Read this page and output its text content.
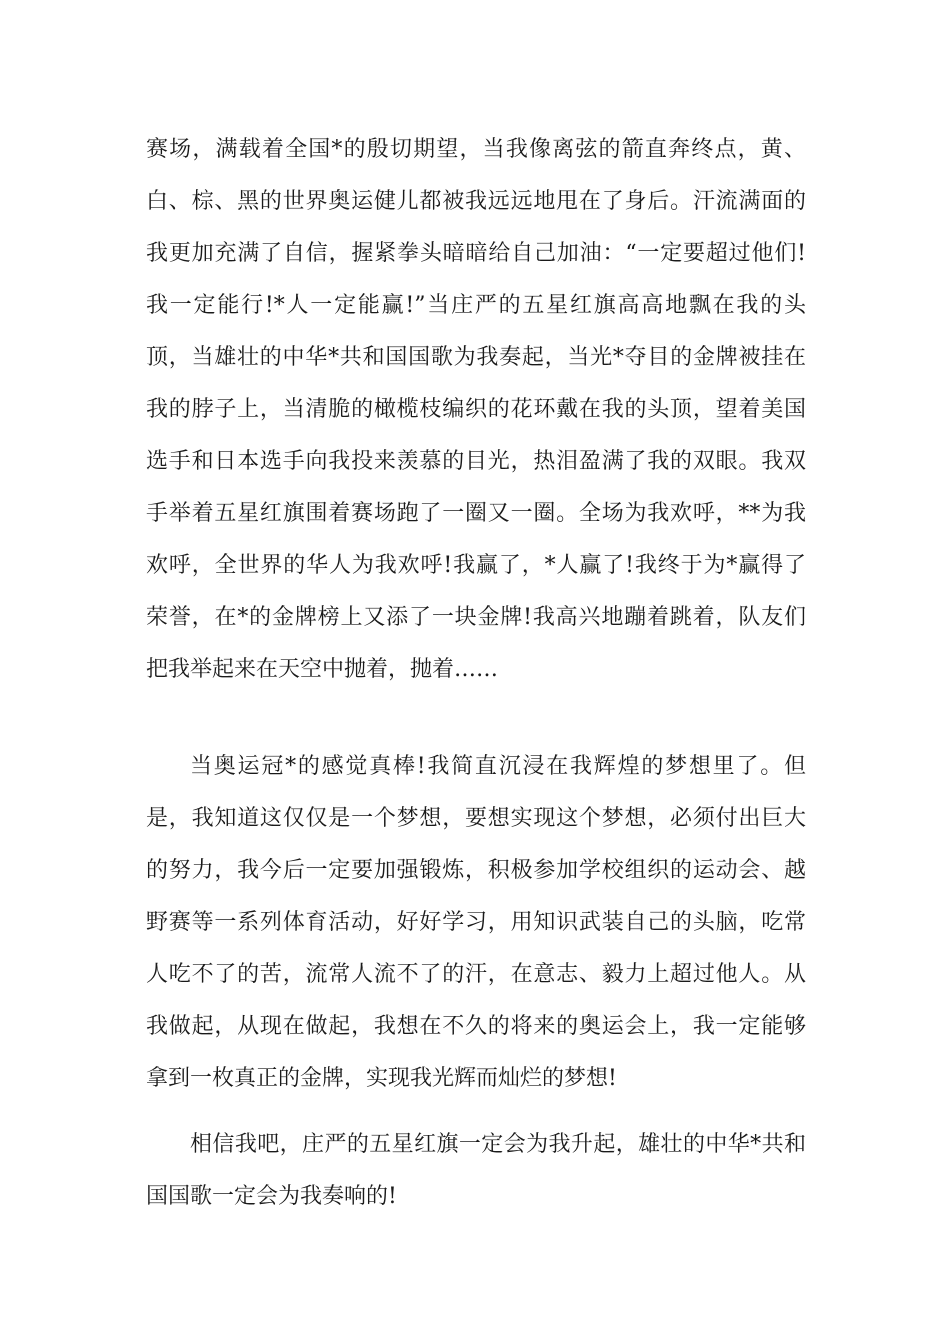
赛场，满载着全国*的殷切期望，当我像离弦的箭直奔终点，黄、
白、棕、黑的世界奥运健儿都被我远远地甩在了身后。汗流满面的
我更加充满了自信，握紧拳头暗暗给自己加油：“一定要超过他们!
我一定能行!*人一定能赢!”当庄严的五星红旗高高地飘在我的头
顶，当雄壮的中华*共和国国歌为我奏起，当光*夺目的金牌被挂在
我的脖子上，当清脆的橄榄枝编织的花环戴在我的头顶，望着美国
选手和日本选手向我投来羡慕的目光，热泪盈满了我的双眼。我双
手举着五星红旗围着赛场跑了一圈又一圈。全场为我欢呼，**为我
欢呼，全世界的华人为我欢呼!我赢了，*人赢了!我终于为*赢得了
荣誉，在*的金牌榜上又添了一块金牌!我高兴地蹦着跳着，队友们
把我举起来在天空中抛着，抛着……
当奥运冠*的感觉真棒!我简直沉浸在我辉煌的梦想里了。但
是，我知道这仅仅是一个梦想，要想实现这个梦想，必须付出巨大
的努力，我今后一定要加强锻炼，积极参加学校组织的运动会、越
野赛等一系列体育活动，好好学习，用知识武装自己的头脑，吃常
人吃不了的苦，流常人流不了的汗，在意志、毅力上超过他人。从
我做起，从现在做起，我想在不久的将来的奥运会上，我一定能够
拿到一枚真正的金牌，实现我光辉而灿烂的梦想!
相信我吧，庄严的五星红旗一定会为我升起，雄壮的中华*共和
国国歌一定会为我奏响的!
